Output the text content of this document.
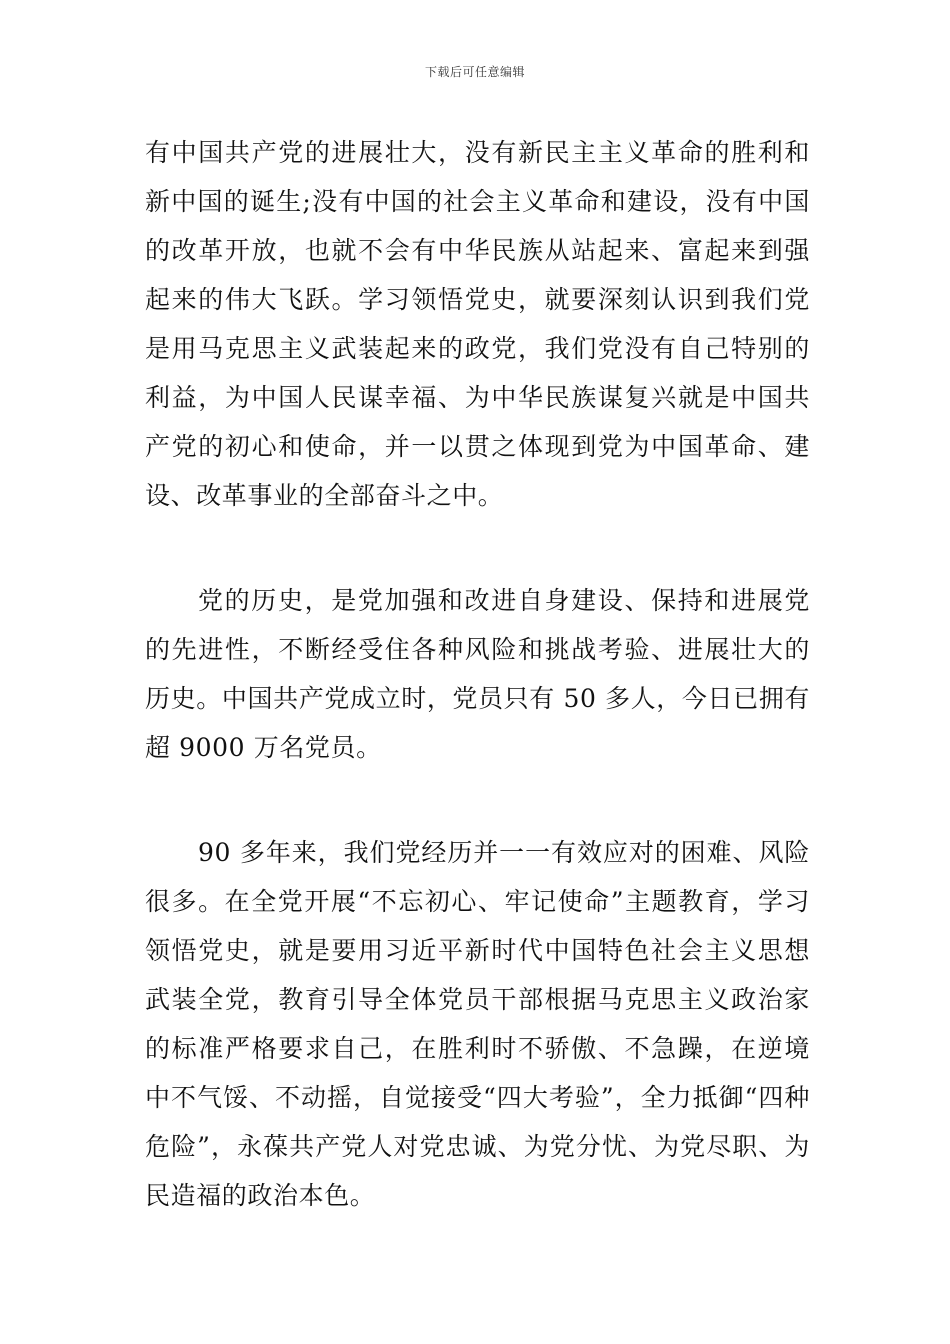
下载后可任意编辑

有中国共产党的进展壮大，没有新民主主义革命的胜利和新中国的诞生;没有中国的社会主义革命和建设，没有中国的改革开放，也就不会有中华民族从站起来、富起来到强起来的伟大飞跃。学习领悟党史，就要深刻认识到我们党是用马克思主义武装起来的政党，我们党没有自己特别的利益，为中国人民谋幸福、为中华民族谋复兴就是中国共产党的初心和使命，并一以贯之体现到党为中国革命、建设、改革事业的全部奋斗之中。

党的历史，是党加强和改进自身建设、保持和进展党的先进性，不断经受住各种风险和挑战考验、进展壮大的历史。中国共产党成立时，党员只有 50 多人，今日已拥有超 9000 万名党员。

90 多年来，我们党经历并一一有效应对的困难、风险很多。在全党开展“不忘初心、牢记使命”主题教育，学习领悟党史，就是要用习近平新时代中国特色社会主义思想武装全党，教育引导全体党员干部根据马克思主义政治家的标准严格要求自己，在胜利时不骄傲、不急躁，在逆境中不气馁、不动摇，自觉接受“四大考验”，全力抵御“四种危险”，永葆共产党人对党忠诚、为党分忧、为党尽职、为民造福的政治本色。
